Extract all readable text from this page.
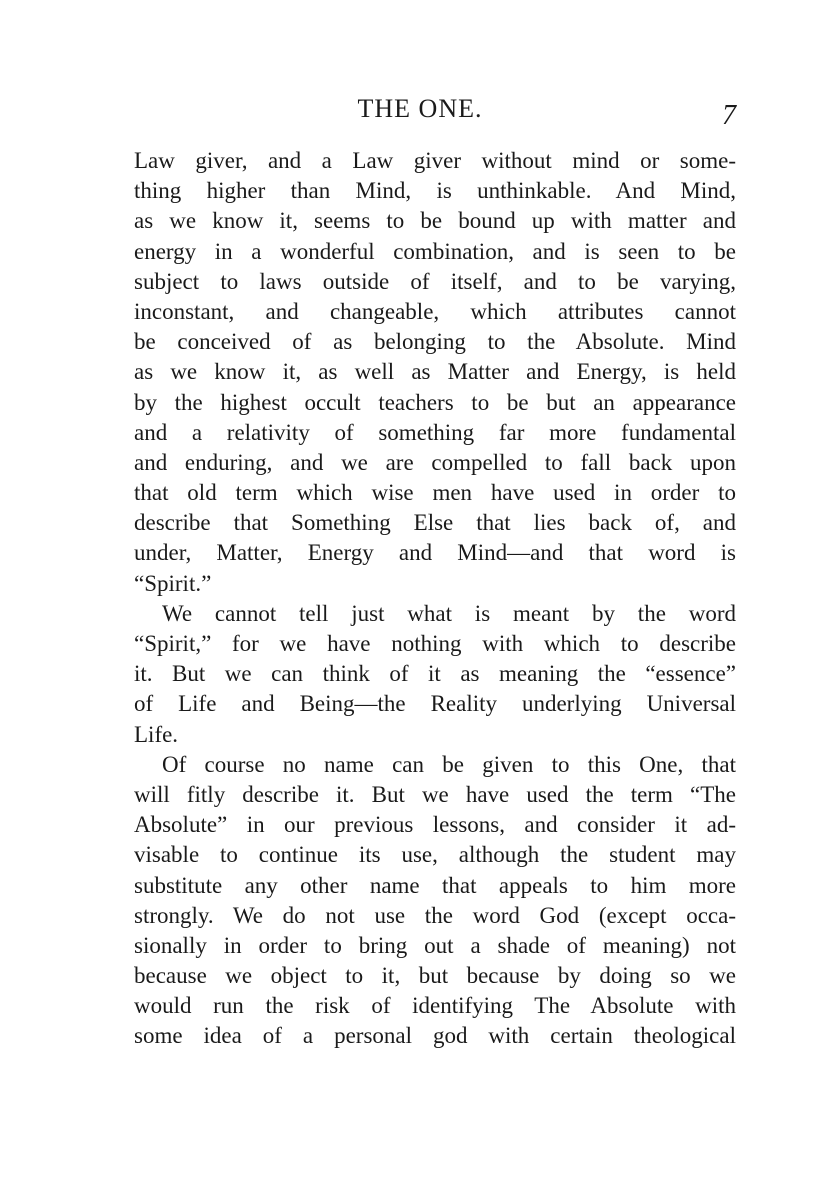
THE ONE.	7
Law giver, and a Law giver without mind or some-
thing higher than Mind, is unthinkable. And Mind,
as we know it, seems to be bound up with matter and
energy in a wonderful combination, and is seen to be
subject to laws outside of itself, and to be varying,
inconstant, and changeable, which attributes cannot
be conceived of as belonging to the Absolute. Mind
as we know it, as well as Matter and Energy, is held
by the highest occult teachers to be but an appearance
and a relativity of something far more fundamental
and enduring, and we are compelled to fall back upon
that old term which wise men have used in order to
describe that Something Else that lies back of, and
under, Matter, Energy and Mind—and that word is
“Spirit.”
We cannot tell just what is meant by the word
“Spirit,” for we have nothing with which to describe
it. But we can think of it as meaning the “essence”
of Life and Being—the Reality underlying Universal
Life.
Of course no name can be given to this One, that
will fitly describe it. But we have used the term “The
Absolute” in our previous lessons, and consider it ad-
visable to continue its use, although the student may
substitute any other name that appeals to him more
strongly. We do not use the word God (except occa-
sionally in order to bring out a shade of meaning) not
because we object to it, but because by doing so we
would run the risk of identifying The Absolute with
some idea of a personal god with certain theological
